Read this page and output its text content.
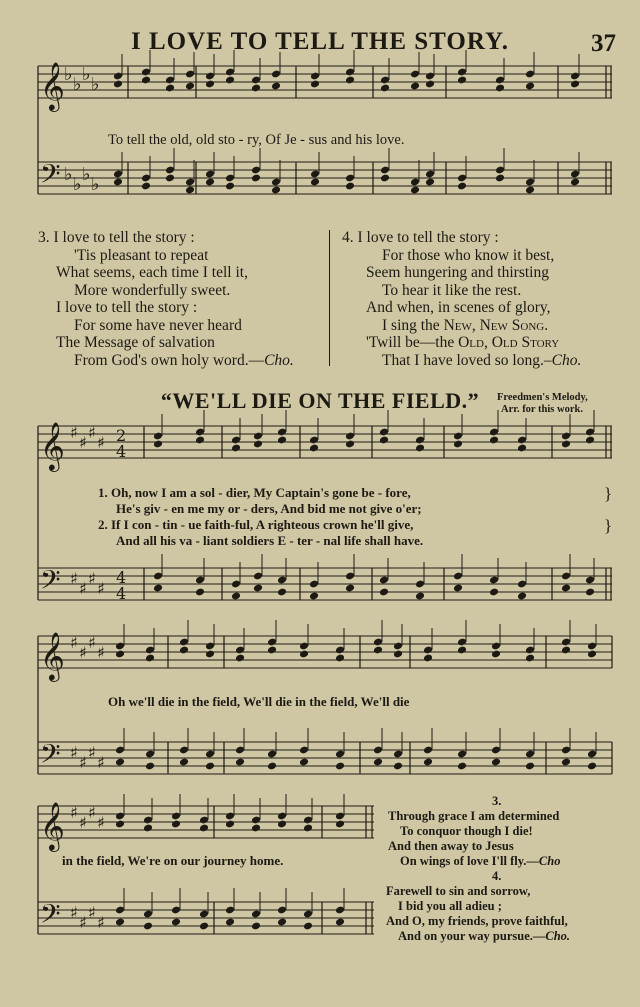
I LOVE TO TELL THE STORY.	37
𝄞
𝄢
♭
♭
♭
♭
♭
♭
♭
♭
𝄞
𝄢
♯
♯
♯
♯
♯
♯
♯
♯
2
4
4
4
𝄞
𝄢
♯
♯
♯
♯
♯
♯
♯
♯
𝄞
𝄢
♯
♯
♯
♯
♯
♯
♯
♯
To tell the old, old sto - ry, Of Je - sus and his love.
3. I love to tell the story :
'Tis pleasant to repeat
What seems, each time I tell it,
More wonderfully sweet.
I love to tell the story :
For some have never heard
The Message of salvation
From God's own holy word.—Cho.
4. I love to tell the story :
For those who know it best,
Seem hungering and thirsting
To hear it like the rest.
And when, in scenes of glory,
I sing the New, New Song.
'Twill be—the Old, Old Story
That I have loved so long.–Cho.
“WE'LL DIE ON THE FIELD.”	Freedmen's Melody,
Arr. for this work.
1. Oh, now I am a sol - dier, My Captain's gone be - fore,
He's giv - en me my or - ders, And bid me not give o'er;
2. If I con - tin - ue faith-ful, A righteous crown he'll give,
And all his va - liant soldiers E - ter - nal life shall have.
}
}
Oh we'll die in the field, We'll die in the field, We'll die
in the field, We're on our journey home.
3.
Through grace I am determined
To conquor though I die!
And then away to Jesus
On wings of love I'll fly.—Cho
4.
Farewell to sin and sorrow,
I bid you all adieu ;
And O, my friends, prove faithful,
And on your way pursue.—Cho.
